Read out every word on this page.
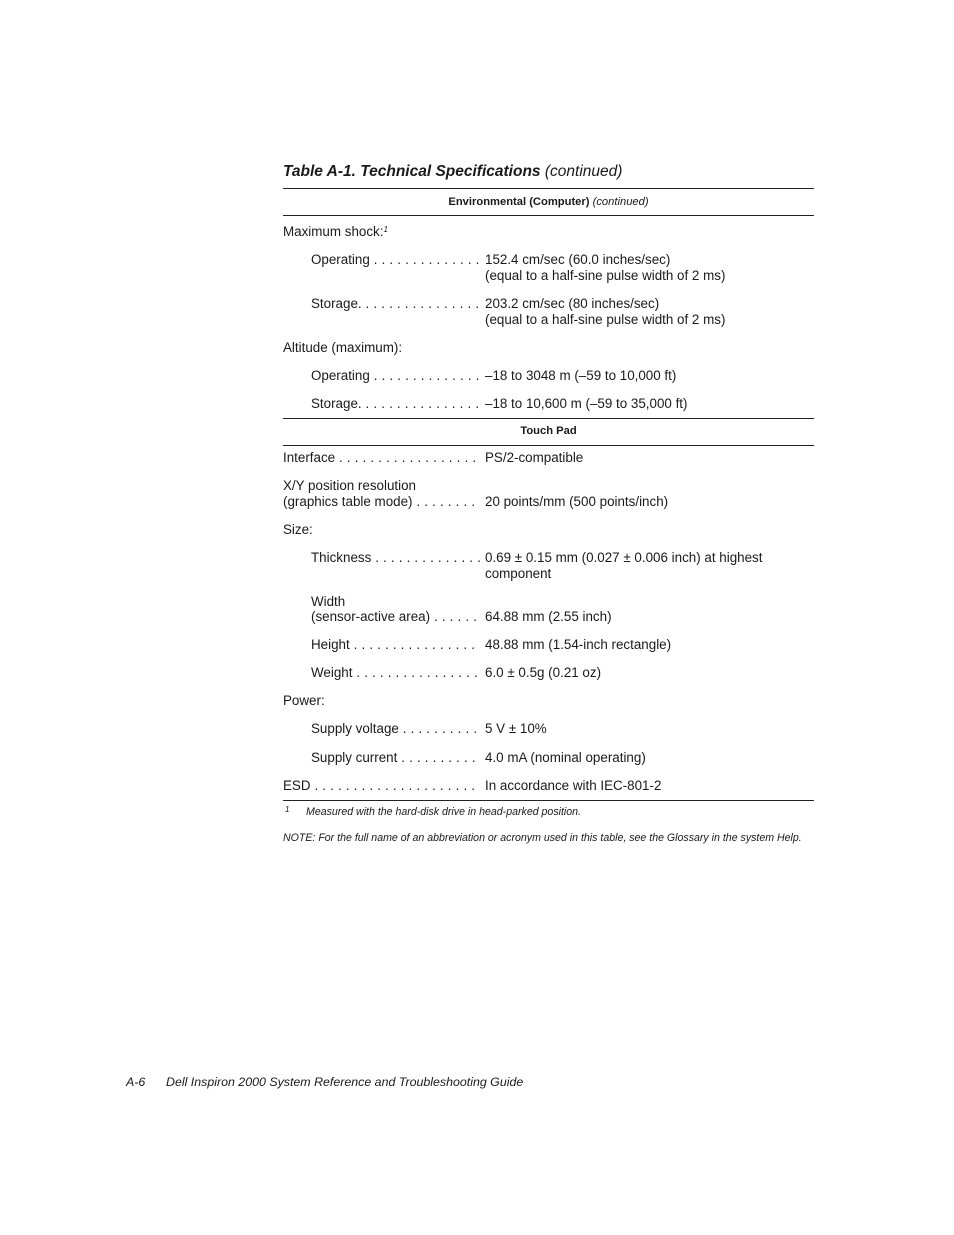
Table A-1. Technical Specifications (continued)
Environmental (Computer) (continued)
Maximum shock:$^1$
Operating . . .	152.4 cm/sec (60.0 inches/sec)
(equal to a half-sine pulse width of 2 ms)
Storage. . . .	203.2 cm/sec (80 inches/sec)
(equal to a half-sine pulse width of 2 ms)
Altitude (maximum):
Operating . . .	–18 to 3048 m (–59 to 10,000 ft)
Storage. . . .	–18 to 10,600 m (–59 to 35,000 ft)
Touch Pad
Interface . . .	PS/2-compatible
X/Y position resolution
(graphics table mode) . . .	20 points/mm (500 points/inch)
Size:
Thickness . . .	0.69 ± 0.15 mm (0.027 ± 0.006 inch) at highest
component
Width
(sensor-active area) . . .	64.88 mm (2.55 inch)
Height . . .	48.88 mm (1.54-inch rectangle)
Weight . . .	6.0 ± 0.5g (0.21 oz)
Power:
Supply voltage . . .	5 V ± 10%
Supply current . . .	4.0 mA (nominal operating)
ESD . . .	In accordance with IEC-801-2
1 Measured with the hard-disk drive in head-parked position.
NOTE: For the full name of an abbreviation or acronym used in this table, see the Glossary in the system Help.
A-6 Dell Inspiron 2000 System Reference and Troubleshooting Guide
